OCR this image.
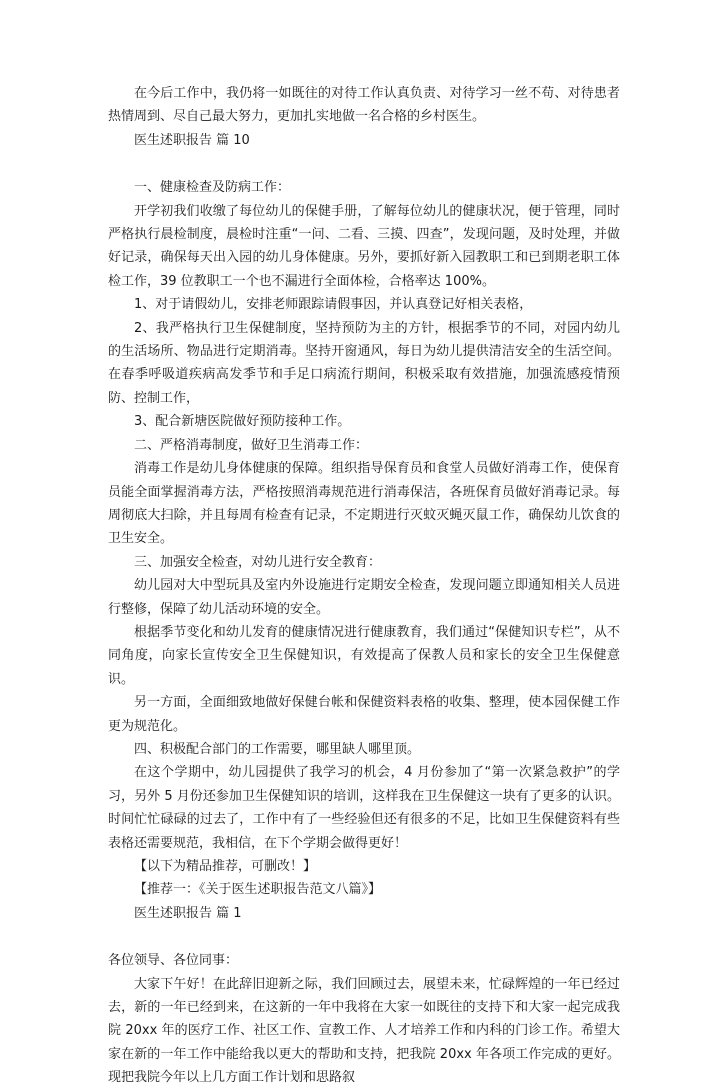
在今后工作中，我仍将一如既往的对待工作认真负责、对待学习一丝不苟、对待患者热情周到、尽自己最大努力，更加扎实地做一名合格的乡村医生。

医生述职报告 篇 10

一、健康检查及防病工作：

开学初我们收缴了每位幼儿的保健手册，了解每位幼儿的健康状况，便于管理，同时严格执行晨检制度，晨检时注重“一问、二看、三摸、四查”，发现问题，及时处理，并做好记录，确保每天出入园的幼儿身体健康。另外，要抓好新入园教职工和已到期老职工体检工作，39 位教职工一个也不漏进行全面体检，合格率达 100%。

1、对于请假幼儿，安排老师跟踪请假事因，并认真登记好相关表格，

2、我严格执行卫生保健制度，坚持预防为主的方针，根据季节的不同，对园内幼儿的生活场所、物品进行定期消毒。坚持开窗通风，每日为幼儿提供清洁安全的生活空间。在春季呼吸道疾病高发季节和手足口病流行期间，积极采取有效措施，加强流感疫情预防、控制工作，

3、配合新塘医院做好预防接种工作。

二、严格消毒制度，做好卫生消毒工作：

消毒工作是幼儿身体健康的保障。组织指导保育员和食堂人员做好消毒工作，使保育员能全面掌握消毒方法，严格按照消毒规范进行消毒保洁，各班保育员做好消毒记录。每周彻底大扫除，并且每周有检查有记录，不定期进行灭蚊灭蝇灭鼠工作，确保幼儿饮食的卫生安全。

三、加强安全检查，对幼儿进行安全教育：

幼儿园对大中型玩具及室内外设施进行定期安全检查，发现问题立即通知相关人员进行整修，保障了幼儿活动环境的安全。

根据季节变化和幼儿发育的健康情况进行健康教育，我们通过“保健知识专栏”，从不同角度，向家长宣传安全卫生保健知识，有效提高了保教人员和家长的安全卫生保健意识。

另一方面，全面细致地做好保健台帐和保健资料表格的收集、整理，使本园保健工作更为规范化。

四、积极配合部门的工作需要，哪里缺人哪里顶。

在这个学期中，幼儿园提供了我学习的机会，4 月份参加了“第一次紧急救护”的学习，另外 5 月份还参加卫生保健知识的培训，这样我在卫生保健这一块有了更多的认识。时间忙忙碌碌的过去了，工作中有了一些经验但还有很多的不足，比如卫生保健资料有些表格还需要规范，我相信，在下个学期会做得更好！

【以下为精品推荐，可删改！】

【推荐一：《关于医生述职报告范文八篇》】

医生述职报告 篇 1

各位领导、各位同事：

大家下午好！在此辞旧迎新之际，我们回顾过去，展望未来，忙碌辉煌的一年已经过去，新的一年已经到来，在这新的一年中我将在大家一如既往的支持下和大家一起完成我院 20xx 年的医疗工作、社区工作、宣教工作、人才培养工作和内科的门诊工作。希望大家在新的一年工作中能给我以更大的帮助和支持，把我院 20xx 年各项工作完成的更好。现把我院今年以上几方面工作计划和思路叙
